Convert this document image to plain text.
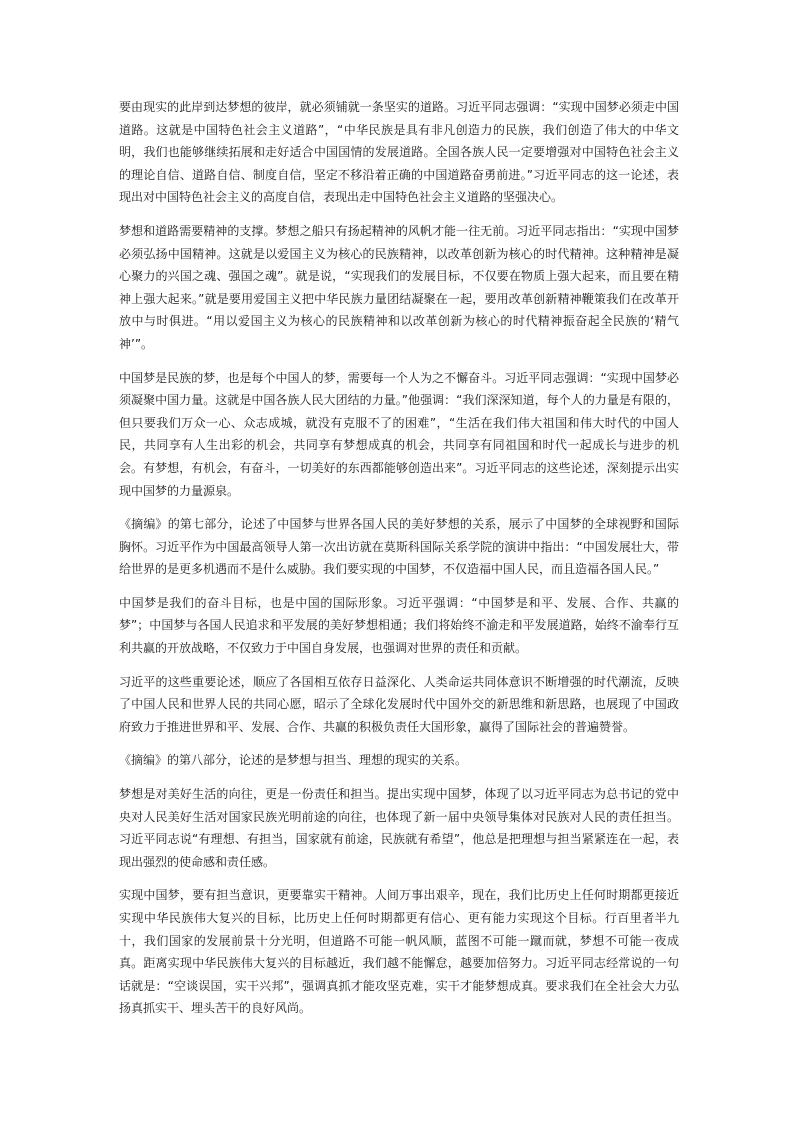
要由现实的此岸到达梦想的彼岸，就必须铺就一条坚实的道路。习近平同志强调：“实现中国梦必须走中国道路。这就是中国特色社会主义道路”，“中华民族是具有非凡创造力的民族，我们创造了伟大的中华文明，我们也能够继续拓展和走好适合中国国情的发展道路。全国各族人民一定要增强对中国特色社会主义的理论自信、道路自信、制度自信，坚定不移沿着正确的中国道路奋勇前进。”习近平同志的这一论述，表现出对中国特色社会主义的高度自信，表现出走中国特色社会主义道路的坚强决心。

梦想和道路需要精神的支撑。梦想之船只有扬起精神的风帆才能一往无前。习近平同志指出：“实现中国梦必须弘扬中国精神。这就是以爱国主义为核心的民族精神，以改革创新为核心的时代精神。这种精神是凝心聚力的兴国之魂、强国之魂”。就是说，“实现我们的发展目标，不仅要在物质上强大起来，而且要在精神上强大起来。”就是要用爱国主义把中华民族力量团结凝聚在一起，要用改革创新精神鞭策我们在改革开放中与时俱进。“用以爱国主义为核心的民族精神和以改革创新为核心的时代精神振奋起全民族的‘精气神’”。

中国梦是民族的梦，也是每个中国人的梦，需要每一个人为之不懈奋斗。习近平同志强调：“实现中国梦必须凝聚中国力量。这就是中国各族人民大团结的力量。”他强调：“我们深深知道，每个人的力量是有限的，但只要我们万众一心、众志成城，就没有克服不了的困难”，“生活在我们伟大祖国和伟大时代的中国人民，共同享有人生出彩的机会，共同享有梦想成真的机会，共同享有同祖国和时代一起成长与进步的机会。有梦想，有机会，有奋斗，一切美好的东西都能够创造出来”。习近平同志的这些论述，深刻提示出实现中国梦的力量源泉。

《摘编》的第七部分，论述了中国梦与世界各国人民的美好梦想的关系，展示了中国梦的全球视野和国际胸怀。习近平作为中国最高领导人第一次出访就在莫斯科国际关系学院的演讲中指出：“中国发展壮大，带给世界的是更多机遇而不是什么威胁。我们要实现的中国梦，不仅造福中国人民，而且造福各国人民。”

中国梦是我们的奋斗目标，也是中国的国际形象。习近平强调：“中国梦是和平、发展、合作、共赢的梦”；中国梦与各国人民追求和平发展的美好梦想相通；我们将始终不渝走和平发展道路，始终不渝奉行互利共赢的开放战略，不仅致力于中国自身发展，也强调对世界的责任和贡献。

习近平的这些重要论述，顺应了各国相互依存日益深化、人类命运共同体意识不断增强的时代潮流，反映了中国人民和世界人民的共同心愿，昭示了全球化发展时代中国外交的新思维和新思路，也展现了中国政府致力于推进世界和平、发展、合作、共赢的积极负责任大国形象，赢得了国际社会的普遍赞誉。

《摘编》的第八部分，论述的是梦想与担当、理想的现实的关系。

梦想是对美好生活的向往，更是一份责任和担当。提出实现中国梦，体现了以习近平同志为总书记的党中央对人民美好生活对国家民族光明前途的向往，也体现了新一届中央领导集体对民族对人民的责任担当。习近平同志说“有理想、有担当，国家就有前途，民族就有希望”，他总是把理想与担当紧紧连在一起，表现出强烈的使命感和责任感。

实现中国梦，要有担当意识，更要靠实干精神。人间万事出艰辛，现在，我们比历史上任何时期都更接近实现中华民族伟大复兴的目标，比历史上任何时期都更有信心、更有能力实现这个目标。行百里者半九十，我们国家的发展前景十分光明，但道路不可能一帆风顺，蓝图不可能一蹴而就，梦想不可能一夜成真。距离实现中华民族伟大复兴的目标越近，我们越不能懈怠，越要加倍努力。习近平同志经常说的一句话就是：“空谈误国，实干兴邦”，强调真抓才能攻坚克难，实干才能梦想成真。要求我们在全社会大力弘扬真抓实干、埋头苦干的良好风尚。
